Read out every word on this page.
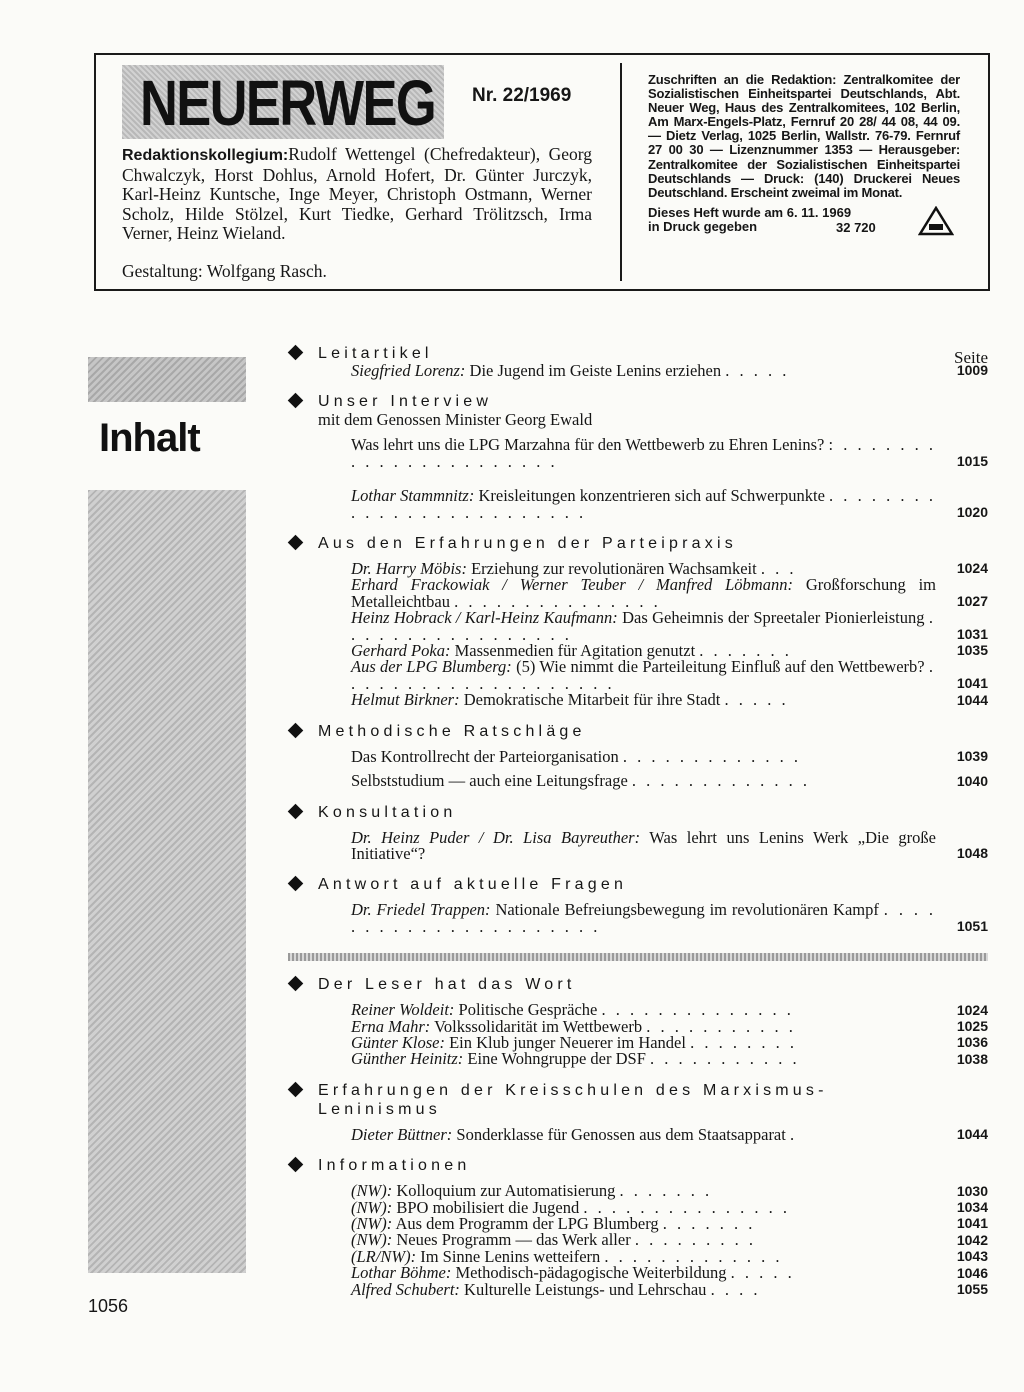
NEUERWEG Nr. 22/1969
Redaktionskollegium:Rudolf Wettengel (Chefredakteur), Georg Chwalczyk, Horst Dohlus, Arnold Hofert, Dr. Günter Jurczyk, Karl-Heinz Kuntsche, Inge Meyer, Christoph Ostmann, Werner Scholz, Hilde Stölzel, Kurt Tiedke, Gerhard Trölitzsch, Irma Verner, Heinz Wieland.
Gestaltung: Wolfgang Rasch.
Zuschriften an die Redaktion: Zentralkomitee der Sozialistischen Einheitspartei Deutschlands, Abt. Neuer Weg, Haus des Zentralkomitees, 102 Berlin, Am Marx-Engels-Platz, Fernruf 20 28/ 44 08, 44 09. — Dietz Verlag, 1025 Berlin, Wallstr. 76-79. Fernruf 27 00 30 — Lizenznummer 1353 — Herausgeber: Zentralkomitee der Sozialistischen Einheitspartei Deutschlands — Druck: (140) Druckerei Neues Deutschland. Erscheint zweimal im Monat.
Dieses Heft wurde am 6. 11. 1969
in Druck gegeben	32 720
Inhalt
1056
Seite
Leitartikel
Siegfried Lorenz: Die Jugend im Geiste Lenins erziehen . . . . .	1009
Unser Interview
mit dem Genossen Minister Georg Ewald
Was lehrt uns die LPG Marzahna für den Wettbewerb zu Ehren Lenins? : . . . . . . . . . . . . . . . . . . . . . .	1015
Lothar Stammnitz: Kreisleitungen konzentrieren sich auf Schwerpunkte . . . . . . . . . . . . . . . . . . . . . . . . .	1020
Aus den Erfahrungen der Parteipraxis
Dr. Harry Möbis: Erziehung zur revolutionären Wachsamkeit . . .	1024
Erhard Frackowiak / Werner Teuber / Manfred Löbmann: Großforschung im Metalleichtbau . . . . . . . . . . . . . . .	1027
Heinz Hobrack / Karl-Heinz Kaufmann: Das Geheimnis der Spreetaler Pionierleistung . . . . . . . . . . . . . . . . .	1031
Gerhard Poka: Massenmedien für Agitation genutzt . . . . . . .	1035
Aus der LPG Blumberg: (5) Wie nimmt die Parteileitung Einfluß auf den Wettbewerb? . . . . . . . . . . . . . . . . . . . .	1041
Helmut Birkner: Demokratische Mitarbeit für ihre Stadt . . . . .	1044
Methodische Ratschläge
Das Kontrollrecht der Parteiorganisation . . . . . . . . . . . . .	1039
Selbststudium — auch eine Leitungsfrage . . . . . . . . . . . . .	1040
Konsultation
Dr. Heinz Puder / Dr. Lisa Bayreuther: Was lehrt uns Lenins Werk „Die große Initiative“?	1048
Antwort auf aktuelle Fragen
Dr. Friedel Trappen: Nationale Befreiungsbewegung im revolutionären Kampf . . . . . . . . . . . . . . . . . . . . . .	1051
Der Leser hat das Wort
Reiner Woldeit: Politische Gespräche . . . . . . . . . . . . . .	1024
Erna Mahr: Volkssolidarität im Wettbewerb . . . . . . . . . . .	1025
Günter Klose: Ein Klub junger Neuerer im Handel . . . . . . . .	1036
Günther Heinitz: Eine Wohngruppe der DSF . . . . . . . . . . .	1038
Erfahrungen der Kreisschulen des Marxismus-Leninismus
Dieter Büttner: Sonderklasse für Genossen aus dem Staatsapparat .	1044
Informationen
(NW): Kolloquium zur Automatisierung . . . . . . .	1030
(NW): BPO mobilisiert die Jugend . . . . . . . . . . . . . . .	1034
(NW): Aus dem Programm der LPG Blumberg . . . . . . .	1041
(NW): Neues Programm — das Werk aller . . . . . . . . .	1042
(LR/NW): Im Sinne Lenins wetteifern . . . . . . . . . . . . .	1043
Lothar Böhme: Methodisch-pädagogische Weiterbildung . . . . .	1046
Alfred Schubert: Kulturelle Leistungs- und Lehrschau . . . .	1055
